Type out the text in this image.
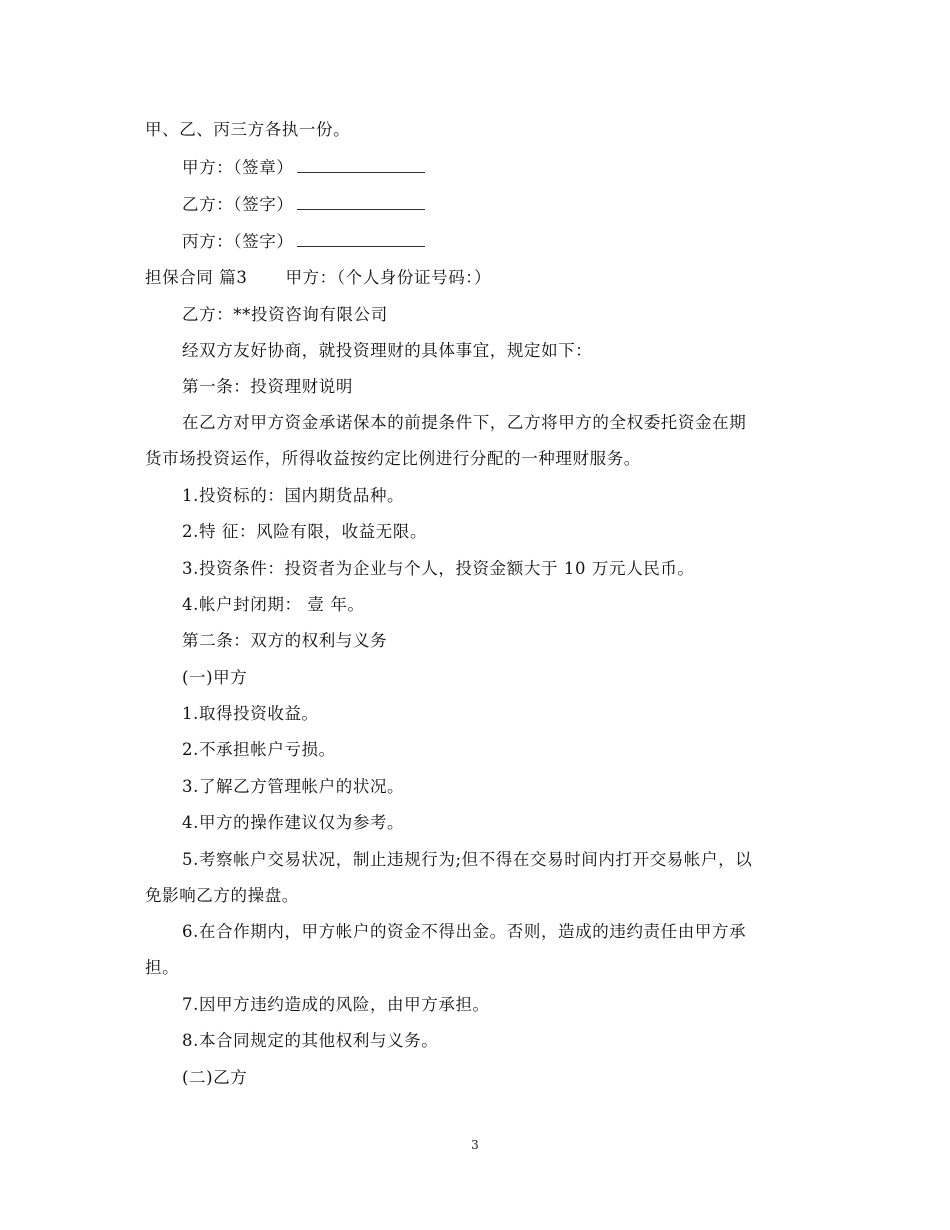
甲、乙、丙三方各执一份。
甲方：（签章）
乙方：（签字）
丙方：（签字）
担保合同 篇3 甲方：（个人身份证号码：）
乙方：**投资咨询有限公司
经双方友好协商，就投资理财的具体事宜，规定如下：
第一条：投资理财说明
在乙方对甲方资金承诺保本的前提条件下，乙方将甲方的全权委托资金在期
货市场投资运作，所得收益按约定比例进行分配的一种理财服务。
1.投资标的：国内期货品种。
2.特 征：风险有限，收益无限。
3.投资条件：投资者为企业与个人，投资金额大于 10 万元人民币。
4.帐户封闭期： 壹 年。
第二条：双方的权利与义务
(一)甲方
1.取得投资收益。
2.不承担帐户亏损。
3.了解乙方管理帐户的状况。
4.甲方的操作建议仅为参考。
5.考察帐户交易状况，制止违规行为;但不得在交易时间内打开交易帐户，以
免影响乙方的操盘。
6.在合作期内，甲方帐户的资金不得出金。否则，造成的违约责任由甲方承
担。
7.因甲方违约造成的风险，由甲方承担。
8.本合同规定的其他权利与义务。
(二)乙方
3
